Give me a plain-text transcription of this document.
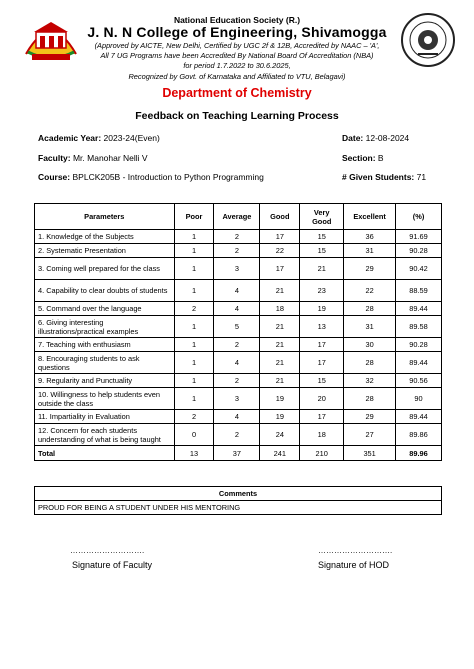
National Education Society (R.)
J. N. N College of Engineering, Shivamogga
(Approved by AICTE, New Delhi, Certified by UGC 2f & 12B, Accredited by NAAC – 'A',
All 7 UG Programs have been Accredited By National Board Of Accreditation (NBA)
for period 1.7.2022 to 30.6.2025,
Recognized by Govt. of Karnataka and Affiliated to VTU, Belagavi)
Department of Chemistry
Feedback on Teaching Learning Process
Academic Year: 2023-24(Even)	Date: 12-08-2024
Faculty: Mr. Manohar Nelli V	Section: B
Course: BPLCK205B - Introduction to Python Programming	# Given Students: 71
Parameters	Poor	Average	Good	Very Good	Excellent	(%)
1. Knowledge of the Subjects	1	2	17	15	36	91.69
2. Systematic Presentation	1	2	22	15	31	90.28
3. Coming well prepared for the class	1	3	17	21	29	90.42
4. Capability to clear doubts of students	1	4	21	23	22	88.59
5. Command over the language	2	4	18	19	28	89.44
6. Giving interesting illustrations/practical examples	1	5	21	13	31	89.58
7. Teaching with enthusiasm	1	2	21	17	30	90.28
8. Encouraging students to ask questions	1	4	21	17	28	89.44
9. Regularity and Punctuality	1	2	21	15	32	90.56
10. Willingness to help students even outside the class	1	3	19	20	28	90
11. Impartiality in Evaluation	2	4	19	17	29	89.44
12. Concern for each students understanding of what is being taught	0	2	24	18	27	89.86
Total	13	37	241	210	351	89.96
Comments
PROUD FOR BEING A STUDENT UNDER HIS MENTORING
……………………….	……………………….
Signature of Faculty	Signature of HOD
